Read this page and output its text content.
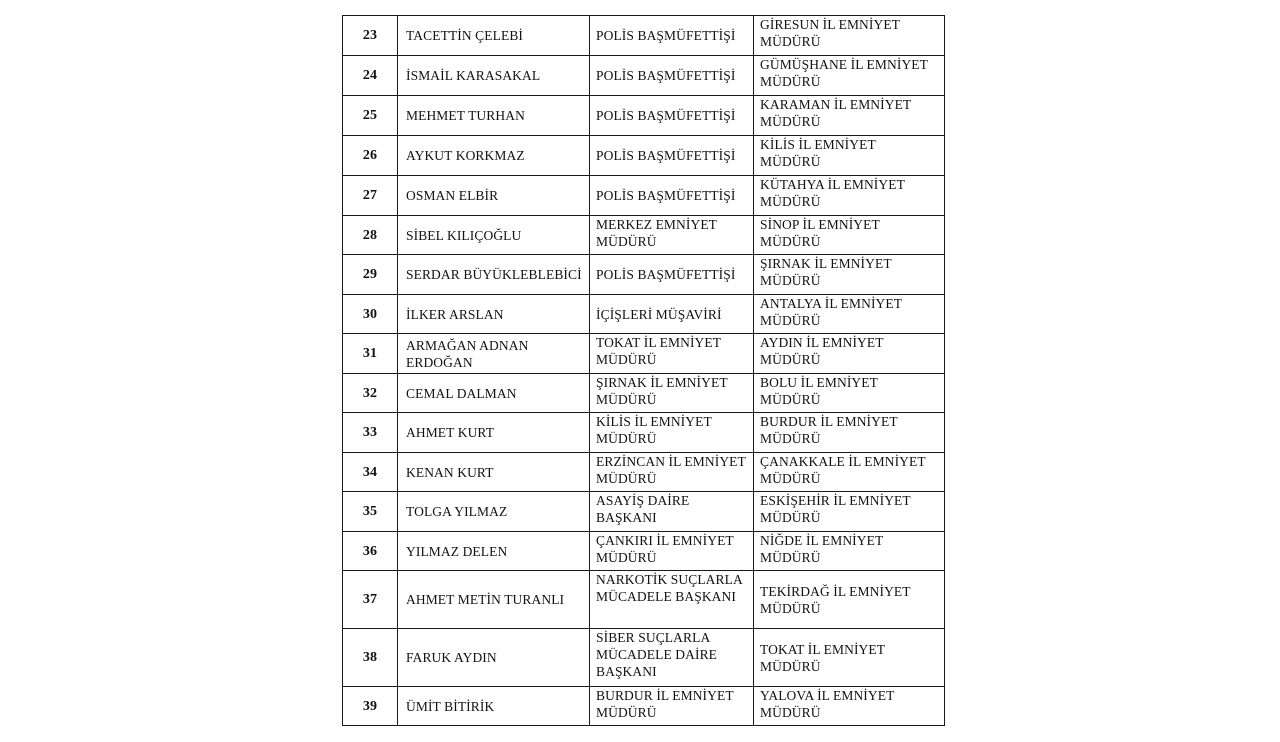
23	TACETTİN ÇELEBİ	POLİS BAŞMÜFETTİŞİ	GİRESUN İL EMNİYET MÜDÜRÜ
24	İSMAİL KARASAKAL	POLİS BAŞMÜFETTİŞİ	GÜMÜŞHANE İL EMNİYET MÜDÜRÜ
25	MEHMET TURHAN	POLİS BAŞMÜFETTİŞİ	KARAMAN İL EMNİYET MÜDÜRÜ
26	AYKUT KORKMAZ	POLİS BAŞMÜFETTİŞİ	KİLİS İL EMNİYET MÜDÜRÜ
27	OSMAN ELBİR	POLİS BAŞMÜFETTİŞİ	KÜTAHYA İL EMNİYET MÜDÜRÜ
28	SİBEL KILIÇOĞLU	MERKEZ EMNİYET MÜDÜRÜ	SİNOP İL EMNİYET MÜDÜRÜ
29	SERDAR BÜYÜKLEBLEBİCİ	POLİS BAŞMÜFETTİŞİ	ŞIRNAK İL EMNİYET MÜDÜRÜ
30	İLKER ARSLAN	İÇİŞLERİ MÜŞAVİRİ	ANTALYA İL EMNİYET MÜDÜRÜ
31	ARMAĞAN ADNAN ERDOĞAN	TOKAT İL EMNİYET MÜDÜRÜ	AYDIN İL EMNİYET MÜDÜRÜ
32	CEMAL DALMAN	ŞIRNAK İL EMNİYET MÜDÜRÜ	BOLU İL EMNİYET MÜDÜRÜ
33	AHMET KURT	KİLİS İL EMNİYET MÜDÜRÜ	BURDUR İL EMNİYET MÜDÜRÜ
34	KENAN KURT	ERZİNCAN İL EMNİYET MÜDÜRÜ	ÇANAKKALE İL EMNİYET MÜDÜRÜ
35	TOLGA YILMAZ	ASAYİŞ DAİRE BAŞKANI	ESKİŞEHİR İL EMNİYET MÜDÜRÜ
36	YILMAZ DELEN	ÇANKIRI İL EMNİYET MÜDÜRÜ	NİĞDE İL EMNİYET MÜDÜRÜ
37	AHMET METİN TURANLI	NARKOTİK SUÇLARLA MÜCADELE BAŞKANI	TEKİRDAĞ İL EMNİYET MÜDÜRÜ
38	FARUK AYDIN	SİBER SUÇLARLA MÜCADELE DAİRE BAŞKANI	TOKAT İL EMNİYET MÜDÜRÜ
39	ÜMİT BİTİRİK	BURDUR İL EMNİYET MÜDÜRÜ	YALOVA İL EMNİYET MÜDÜRÜ
